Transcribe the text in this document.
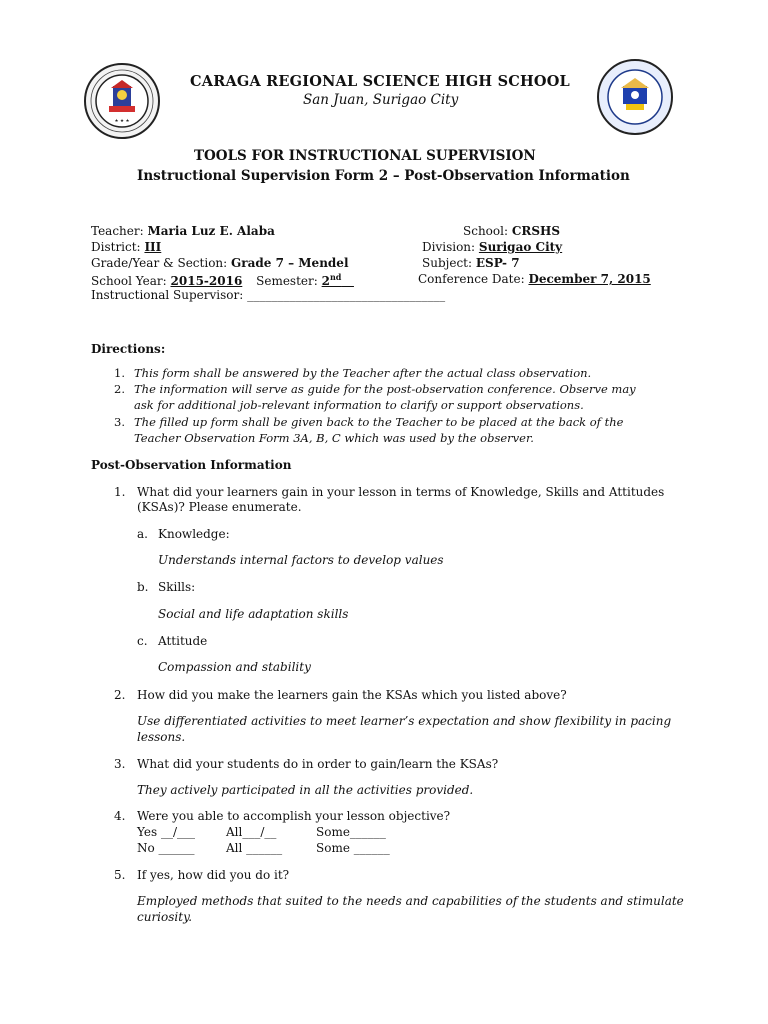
★ ★ ★
CARAGA REGIONAL SCIENCE HIGH SCHOOL
San Juan, Surigao City
TOOLS FOR INSTRUCTIONAL SUPERVISION
Instructional Supervision Form 2 – Post-Observation Information
Teacher: Maria Luz E. Alaba	School: CRSHS
District: III	Division: Surigao City
Grade/Year & Section: Grade 7 – Mendel	Subject: ESP- 7
School Year: 2015-2016 Semester: 2nd	Conference Date: December 7, 2015
Instructional Supervisor: _________________________________
Directions:
1. This form shall be answered by the Teacher after the actual class observation.
2. The information will serve as guide for the post-observation conference. Observe may
ask for additional job-relevant information to clarify or support observations.
3. The filled up form shall be given back to the Teacher to be placed at the back of the
Teacher Observation Form 3A, B, C which was used by the observer.
Post-Observation Information
1. What did your learners gain in your lesson in terms of Knowledge, Skills and Attitudes
(KSAs)? Please enumerate.
a. Knowledge:
Understands internal factors to develop values
b. Skills:
Social and life adaptation skills
c. Attitude
Compassion and stability
2. How did you make the learners gain the KSAs which you listed above?
Use differentiated activities to meet learner’s expectation and show flexibility in pacing
lessons.
3. What did your students do in order to gain/learn the KSAs?
They actively participated in all the activities provided.
4. Were you able to accomplish your lesson objective?
Yes __/___	All___/__	Some______
No ______	All ______	Some ______
5. If yes, how did you do it?
Employed methods that suited to the needs and capabilities of the students and stimulate
curiosity.
